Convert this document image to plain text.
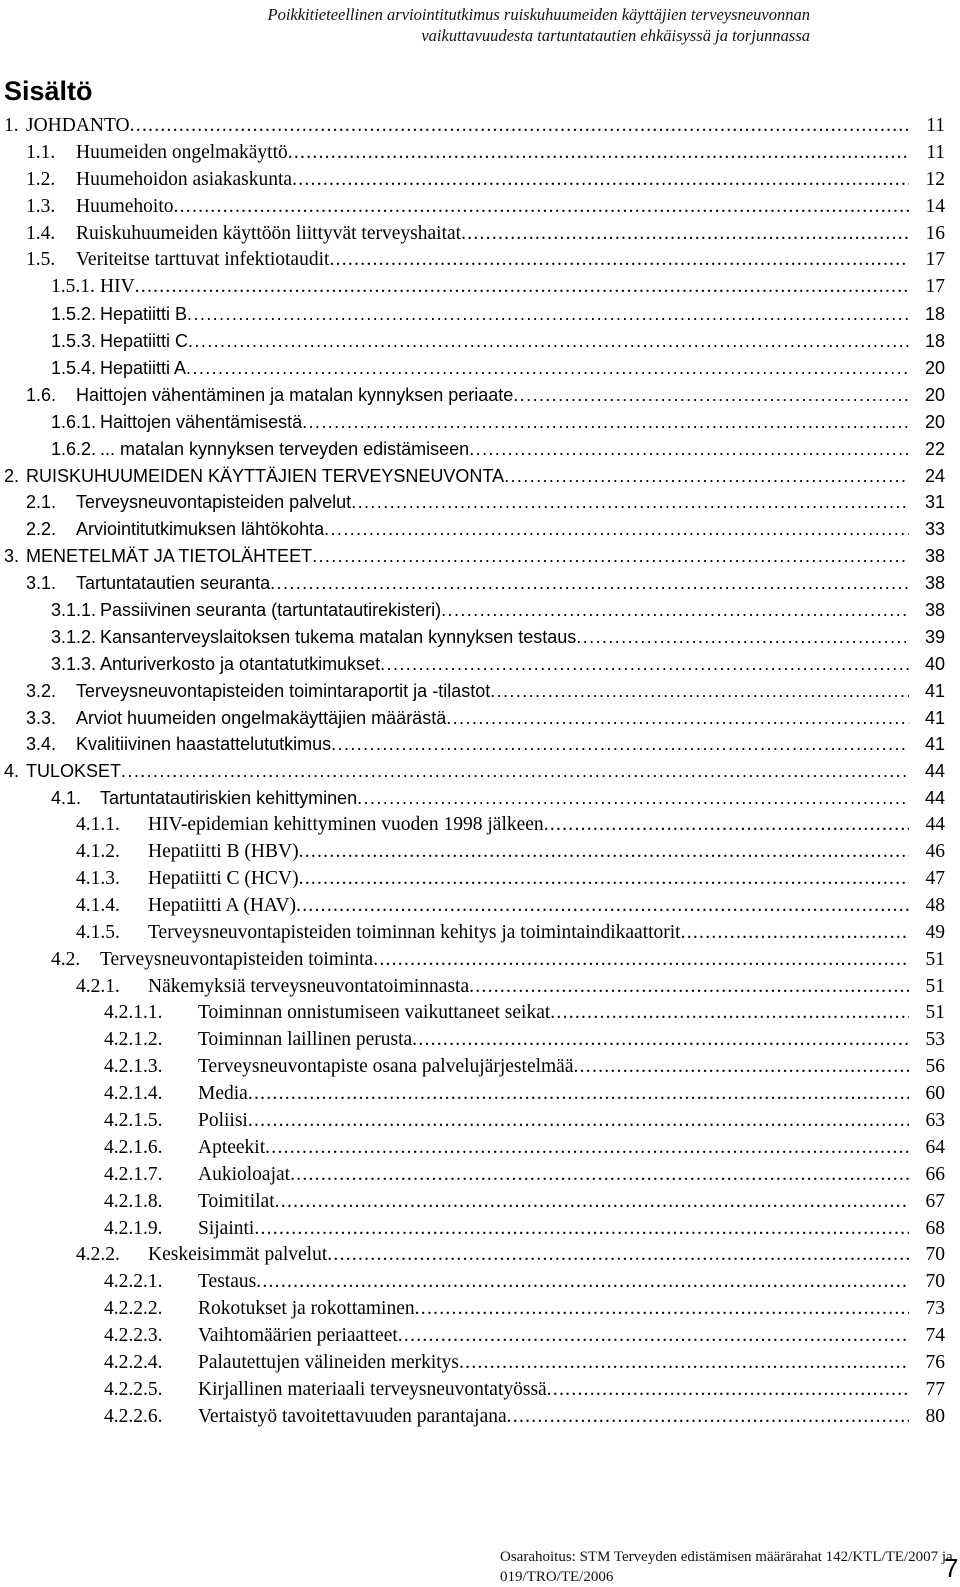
Poikkitieteellinen arviointitutkimus ruiskuhuumeiden käyttäjien terveysneuvonnan
vaikuttavuudesta tartuntatautien ehkäisyssä ja torjunnassa
Sisältö
1. JOHDANTO . . .	11
1.1. Huumeiden ongelmakäyttö . . .	11
1.2. Huumehoidon asiakaskunta . . .	12
1.3. Huumehoito . . .	14
1.4. Ruiskuhuumeiden käyttöön liittyvät terveyshaitat . . .	16
1.5. Veriteitse tarttuvat infektiotaudit . . .	17
1.5.1. HIV . . .	17
1.5.2. Hepatiitti B . . .	18
1.5.3. Hepatiitti C . . .	18
1.5.4. Hepatiitti A . . .	20
1.6. Haittojen vähentäminen ja matalan kynnyksen periaate . . .	20
1.6.1. Haittojen vähentämisestä . . .	20
1.6.2. ... matalan kynnyksen terveyden edistämiseen . . .	22
2. RUISKUHUUMEIDEN KÄYTTÄJIEN TERVEYSNEUVONTA . . .	24
2.1. Terveysneuvontapisteiden palvelut . . .	31
2.2. Arviointitutkimuksen lähtökohta . . .	33
3. MENETELMÄT JA TIETOLÄHTEET . . .	38
3.1. Tartuntatautien seuranta . . .	38
3.1.1. Passiivinen seuranta (tartuntatautirekisteri) . . .	38
3.1.2. Kansanterveyslaitoksen tukema matalan kynnyksen testaus . . .	39
3.1.3. Anturiverkosto ja otantatutkimukset . . .	40
3.2. Terveysneuvontapisteiden toimintaraportit ja -tilastot . . .	41
3.3. Arviot huumeiden ongelmakäyttäjien määrästä . . .	41
3.4. Kvalitiivinen haastattelututkimus . . .	41
4. TULOKSET . . .	44
4.1. Tartuntatautiriskien kehittyminen . . .	44
4.1.1. HIV-epidemian kehittyminen vuoden 1998 jälkeen . . .	44
4.1.2. Hepatiitti B (HBV) . . .	46
4.1.3. Hepatiitti C (HCV) . . .	47
4.1.4. Hepatiitti A (HAV) . . .	48
4.1.5. Terveysneuvontapisteiden toiminnan kehitys ja toimintaindikaattorit . . .	49
4.2. Terveysneuvontapisteiden toiminta . . .	51
4.2.1. Näkemyksiä terveysneuvontatoiminnasta . . .	51
4.2.1.1. Toiminnan onnistumiseen vaikuttaneet seikat . . .	51
4.2.1.2. Toiminnan laillinen perusta . . .	53
4.2.1.3. Terveysneuvontapiste osana palvelujärjestelmää . . .	56
4.2.1.4. Media . . .	60
4.2.1.5. Poliisi . . .	63
4.2.1.6. Apteekit . . .	64
4.2.1.7. Aukioloajat . . .	66
4.2.1.8. Toimitilat . . .	67
4.2.1.9. Sijainti . . .	68
4.2.2. Keskeisimmät palvelut . . .	70
4.2.2.1. Testaus . . .	70
4.2.2.2. Rokotukset ja rokottaminen . . .	73
4.2.2.3. Vaihtomäärien periaatteet . . .	74
4.2.2.4. Palautettujen välineiden merkitys . . .	76
4.2.2.5. Kirjallinen materiaali terveysneuvontatyössä . . .	77
4.2.2.6. Vertaistyö tavoitettavuuden parantajana . . .	80
Osarahoitus: STM Terveyden edistämisen määrärahat 142/KTL/TE/2007 ja 019/TRO/TE/2006	7
